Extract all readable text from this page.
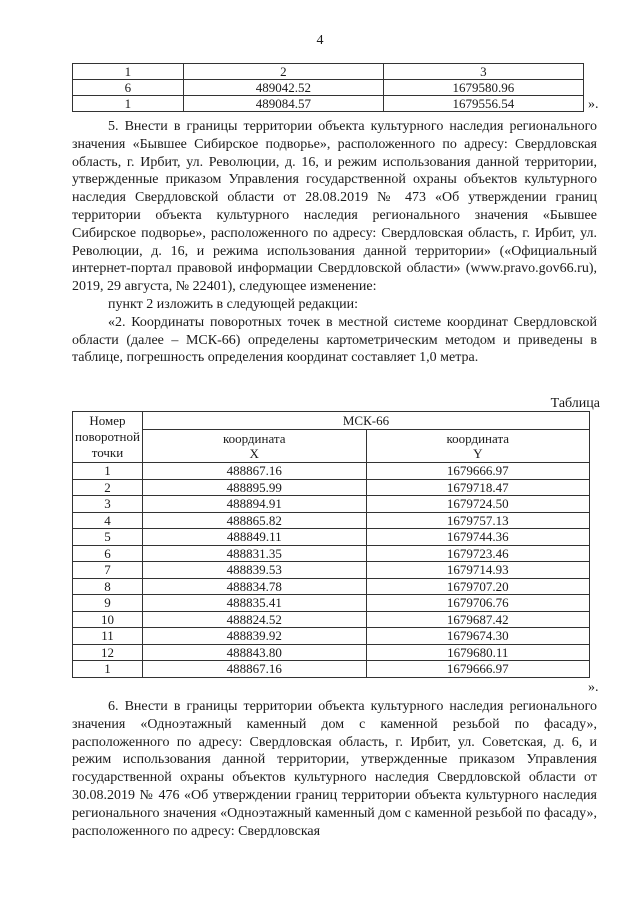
4
1	2	3
6	489042.52	1679580.96
1	489084.57	1679556.54	».

5. Внести в границы территории объекта культурного наследия регионального значения «Бывшее Сибирское подворье», расположенного по адресу: Свердловская область, г. Ирбит, ул. Революции, д. 16, и режим использования данной территории, утвержденные приказом Управления государственной охраны объектов культурного наследия Свердловской области от 28.08.2019 № 473 «Об утверждении границ территории объекта культурного наследия регионального значения «Бывшее Сибирское подворье», расположенного по адресу: Свердловская область, г. Ирбит, ул. Революции, д. 16, и режима использования данной территории» («Официальный интернет-портал правовой информации Свердловской области» (www.pravo.gov66.ru), 2019, 29 августа, № 22401), следующее изменение:

пункт 2 изложить в следующей редакции:

«2. Координаты поворотных точек в местной системе координат Свердловской области (далее – МСК-66) определены картометрическим методом и приведены в таблице, погрешность определения координат составляет 1,0 метра.

Таблица
Номер поворотной точки	МСК-66	
	координата X	координата Y
1	488867.16	1679666.97
2	488895.99	1679718.47
3	488894.91	1679724.50
4	488865.82	1679757.13
5	488849.11	1679744.36
6	488831.35	1679723.46
7	488839.53	1679714.93
8	488834.78	1679707.20
9	488835.41	1679706.76
10	488824.52	1679687.42
11	488839.92	1679674.30
12	488843.80	1679680.11
1	488867.16	1679666.97
».

6. Внести в границы территории объекта культурного наследия регионального значения «Одноэтажный каменный дом с каменной резьбой по фасаду», расположенного по адресу: Свердловская область, г. Ирбит, ул. Советская, д. 6, и режим использования данной территории, утвержденные приказом Управления государственной охраны объектов культурного наследия Свердловской области от 30.08.2019 № 476 «Об утверждении границ территории объекта культурного наследия регионального значения «Одноэтажный каменный дом с каменной резьбой по фасаду», расположенного по адресу: Свердловская
